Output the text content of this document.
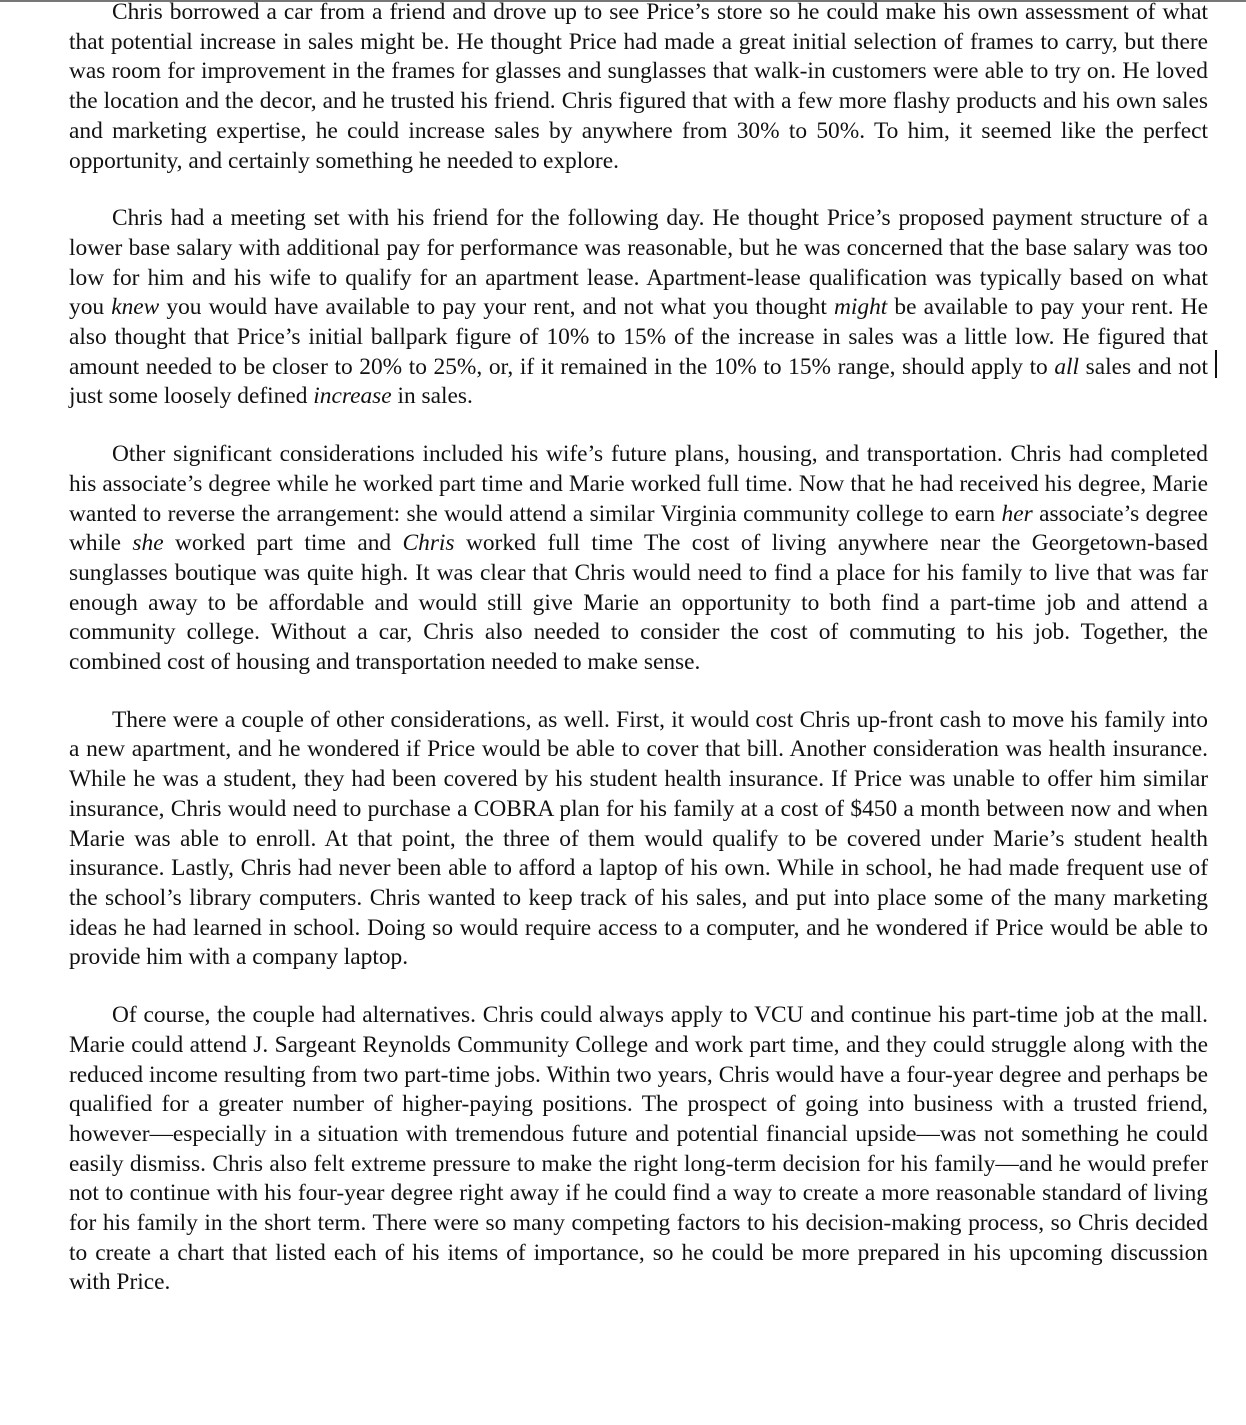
Chris borrowed a car from a friend and drove up to see Price’s store so he could make his own assessment of what that potential increase in sales might be. He thought Price had made a great initial selection of frames to carry, but there was room for improvement in the frames for glasses and sunglasses that walk-in customers were able to try on. He loved the location and the decor, and he trusted his friend. Chris figured that with a few more flashy products and his own sales and marketing expertise, he could increase sales by anywhere from 30% to 50%. To him, it seemed like the perfect opportunity, and certainly something he needed to explore.

Chris had a meeting set with his friend for the following day. He thought Price’s proposed payment structure of a lower base salary with additional pay for performance was reasonable, but he was concerned that the base salary was too low for him and his wife to qualify for an apartment lease. Apartment-lease qualification was typically based on what you knew you would have available to pay your rent, and not what you thought might be available to pay your rent. He also thought that Price’s initial ballpark figure of 10% to 15% of the increase in sales was a little low. He figured that amount needed to be closer to 20% to 25%, or, if it remained in the 10% to 15% range, should apply to all sales and not just some loosely defined increase in sales.

Other significant considerations included his wife’s future plans, housing, and transportation. Chris had completed his associate’s degree while he worked part time and Marie worked full time. Now that he had received his degree, Marie wanted to reverse the arrangement: she would attend a similar Virginia community college to earn her associate’s degree while she worked part time and Chris worked full time The cost of living anywhere near the Georgetown-based sunglasses boutique was quite high. It was clear that Chris would need to find a place for his family to live that was far enough away to be affordable and would still give Marie an opportunity to both find a part-time job and attend a community college. Without a car, Chris also needed to consider the cost of commuting to his job. Together, the combined cost of housing and transportation needed to make sense.

There were a couple of other considerations, as well. First, it would cost Chris up-front cash to move his family into a new apartment, and he wondered if Price would be able to cover that bill. Another consideration was health insurance. While he was a student, they had been covered by his student health insurance. If Price was unable to offer him similar insurance, Chris would need to purchase a COBRA plan for his family at a cost of $450 a month between now and when Marie was able to enroll. At that point, the three of them would qualify to be covered under Marie’s student health insurance. Lastly, Chris had never been able to afford a laptop of his own. While in school, he had made frequent use of the school’s library computers. Chris wanted to keep track of his sales, and put into place some of the many marketing ideas he had learned in school. Doing so would require access to a computer, and he wondered if Price would be able to provide him with a company laptop.

Of course, the couple had alternatives. Chris could always apply to VCU and continue his part-time job at the mall. Marie could attend J. Sargeant Reynolds Community College and work part time, and they could struggle along with the reduced income resulting from two part-time jobs. Within two years, Chris would have a four-year degree and perhaps be qualified for a greater number of higher-paying positions. The prospect of going into business with a trusted friend, however—especially in a situation with tremendous future and potential financial upside—was not something he could easily dismiss. Chris also felt extreme pressure to make the right long-term decision for his family—and he would prefer not to continue with his four-year degree right away if he could find a way to create a more reasonable standard of living for his family in the short term. There were so many competing factors to his decision-making process, so Chris decided to create a chart that listed each of his items of importance, so he could be more prepared in his upcoming discussion with Price.
